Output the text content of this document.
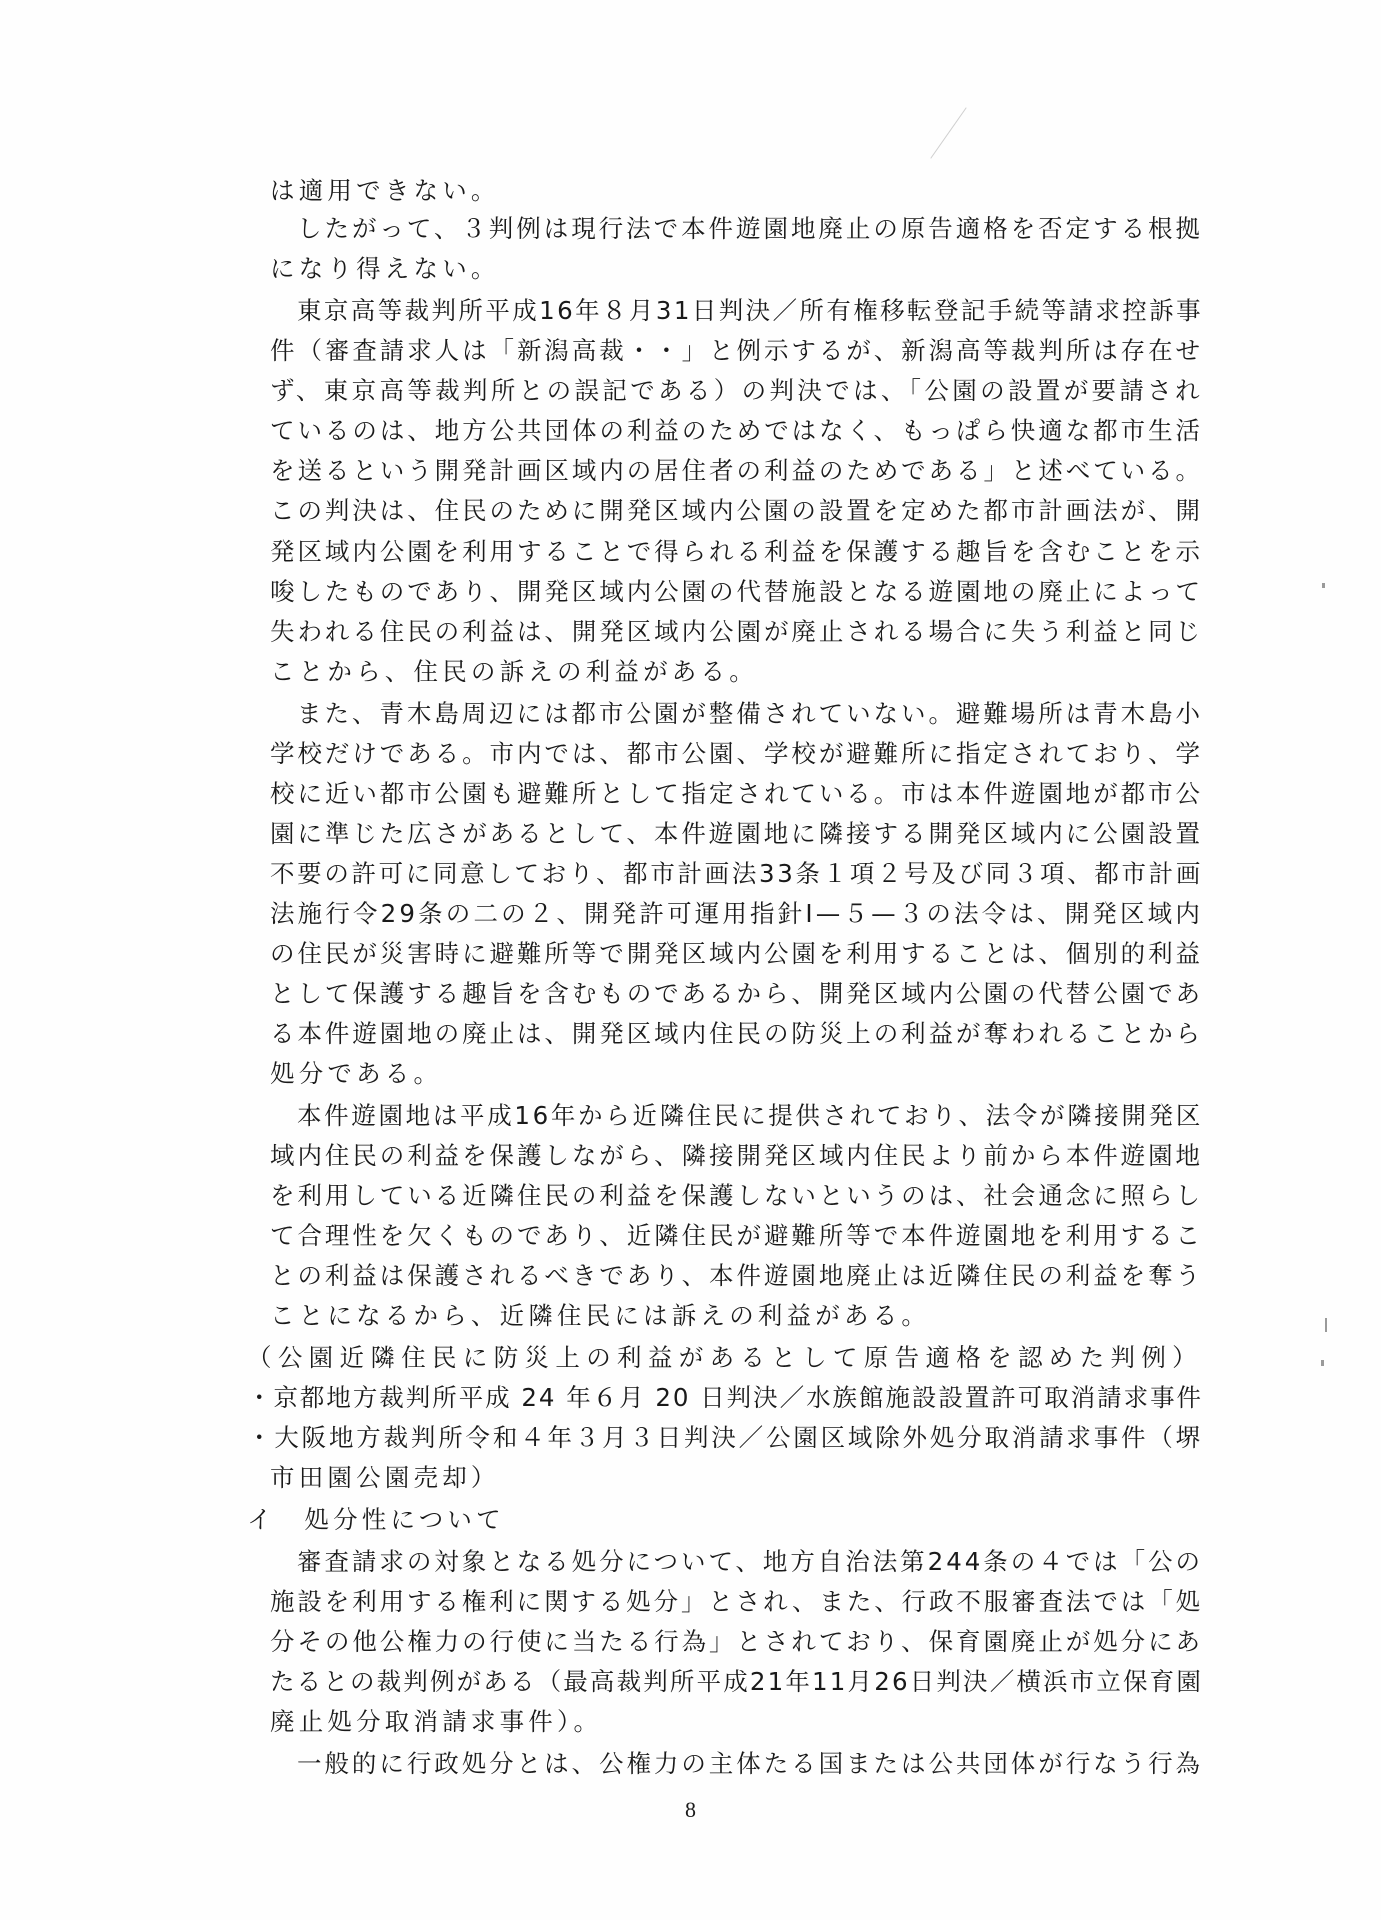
は適用できない。
したがって、３判例は現行法で本件遊園地廃止の原告適格を否定する根拠
になり得えない。
東京高等裁判所平成16年８月31日判決／所有権移転登記手続等請求控訴事
件（審査請求人は「新潟高裁・・」と例示するが、新潟高等裁判所は存在せ
ず、東京高等裁判所との誤記である）の判決では、「公園の設置が要請され
ているのは、地方公共団体の利益のためではなく、もっぱら快適な都市生活
を送るという開発計画区域内の居住者の利益のためである」と述べている。
この判決は、住民のために開発区域内公園の設置を定めた都市計画法が、開
発区域内公園を利用することで得られる利益を保護する趣旨を含むことを示
唆したものであり、開発区域内公園の代替施設となる遊園地の廃止によって
失われる住民の利益は、開発区域内公園が廃止される場合に失う利益と同じ
ことから、住民の訴えの利益がある。
また、青木島周辺には都市公園が整備されていない。避難場所は青木島小
学校だけである。市内では、都市公園、学校が避難所に指定されており、学
校に近い都市公園も避難所として指定されている。市は本件遊園地が都市公
園に準じた広さがあるとして、本件遊園地に隣接する開発区域内に公園設置
不要の許可に同意しており、都市計画法33条１項２号及び同３項、都市計画
法施行令29条の二の２、開発許可運用指針Ⅰ—５—３の法令は、開発区域内
の住民が災害時に避難所等で開発区域内公園を利用することは、個別的利益
として保護する趣旨を含むものであるから、開発区域内公園の代替公園であ
る本件遊園地の廃止は、開発区域内住民の防災上の利益が奪われることから
処分である。
本件遊園地は平成16年から近隣住民に提供されており、法令が隣接開発区
域内住民の利益を保護しながら、隣接開発区域内住民より前から本件遊園地
を利用している近隣住民の利益を保護しないというのは、社会通念に照らし
て合理性を欠くものであり、近隣住民が避難所等で本件遊園地を利用するこ
との利益は保護されるべきであり、本件遊園地廃止は近隣住民の利益を奪う
ことになるから、近隣住民には訴えの利益がある。
（公園近隣住民に防災上の利益があるとして原告適格を認めた判例）
・京都地方裁判所平成 24 年６月 20 日判決／水族館施設設置許可取消請求事件
・大阪地方裁判所令和４年３月３日判決／公園区域除外処分取消請求事件（堺
市田園公園売却）
イ　処分性について
審査請求の対象となる処分について、地方自治法第244条の４では「公の
施設を利用する権利に関する処分」とされ、また、行政不服審査法では「処
分その他公権力の行使に当たる行為」とされており、保育園廃止が処分にあ
たるとの裁判例がある（最高裁判所平成21年11月26日判決／横浜市立保育園
廃止処分取消請求事件）。
一般的に行政処分とは、公権力の主体たる国または公共団体が行なう行為
8
